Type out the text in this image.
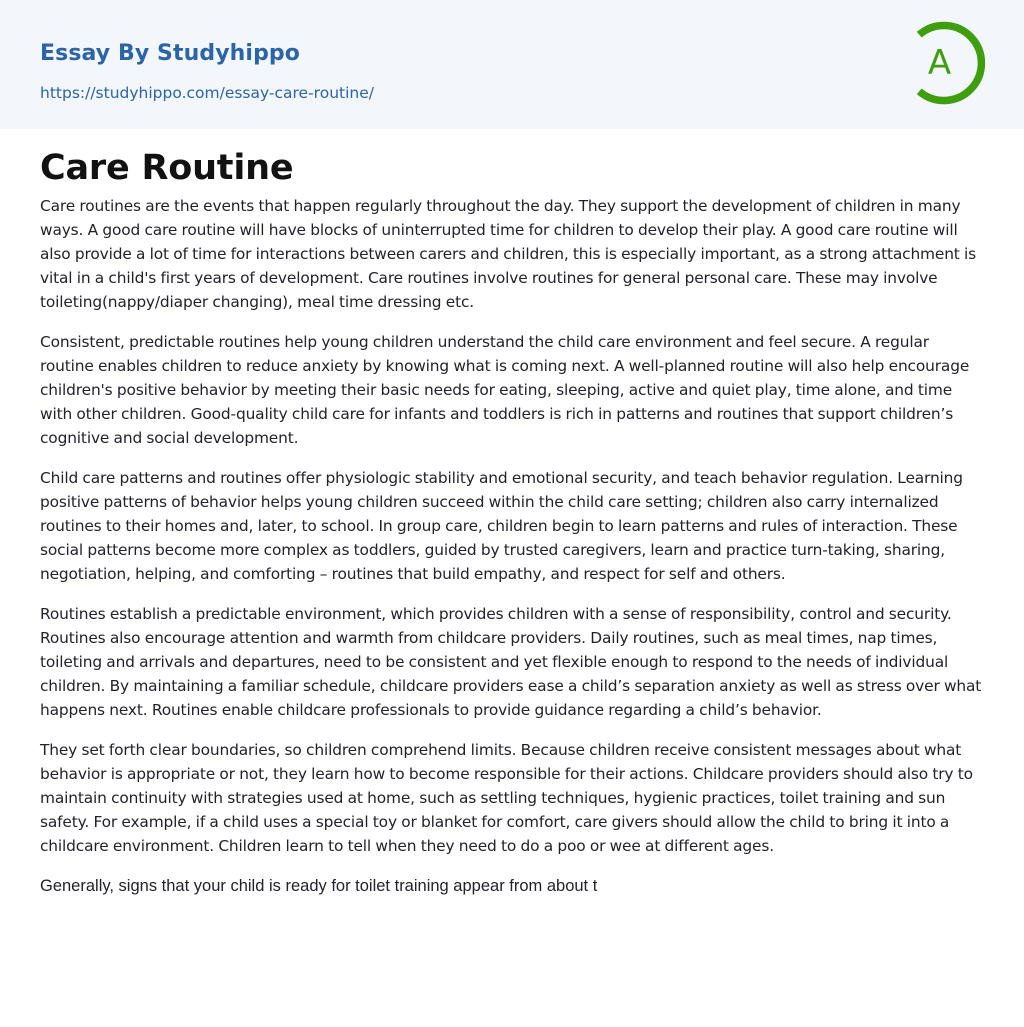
Essay By Studyhippo
https://studyhippo.com/essay-care-routine/
A
Care Routine

Care routines are the events that happen regularly throughout the day. They support the development of children in many ways. A good care routine will have blocks of uninterrupted time for children to develop their play. A good care routine will also provide a lot of time for interactions between carers and children, this is especially important, as a strong attachment is vital in a child's first years of development. Care routines involve routines for general personal care. These may involve toileting(nappy/diaper changing), meal time dressing etc.

Consistent, predictable routines help young children understand the child care environment and feel secure. A regular routine enables children to reduce anxiety by knowing what is coming next. A well-planned routine will also help encourage children's positive behavior by meeting their basic needs for eating, sleeping, active and quiet play, time alone, and time with other children. Good-quality child care for infants and toddlers is rich in patterns and routines that support children’s cognitive and social development.

Child care patterns and routines offer physiologic stability and emotional security, and teach behavior regulation. Learning positive patterns of behavior helps young children succeed within the child care setting; children also carry internalized routines to their homes and, later, to school. In group care, children begin to learn patterns and rules of interaction. These social patterns become more complex as toddlers, guided by trusted caregivers, learn and practice turn-taking, sharing, negotiation, helping, and comforting – routines that build empathy, and respect for self and others.

Routines establish a predictable environment, which provides children with a sense of responsibility, control and security. Routines also encourage attention and warmth from childcare providers. Daily routines, such as meal times, nap times, toileting and arrivals and departures, need to be consistent and yet flexible enough to respond to the needs of individual children. By maintaining a familiar schedule, childcare providers ease a child’s separation anxiety as well as stress over what happens next. Routines enable childcare professionals to provide guidance regarding a child’s behavior.

They set forth clear boundaries, so children comprehend limits. Because children receive consistent messages about what behavior is appropriate or not, they learn how to become responsible for their actions. Childcare providers should also try to maintain continuity with strategies used at home, such as settling techniques, hygienic practices, toilet training and sun safety. For example, if a child uses a special toy or blanket for comfort, care givers should allow the child to bring it into a childcare environment. Children learn to tell when they need to do a poo or wee at different ages.

Generally, signs that your child is ready for toilet training appear from about t
